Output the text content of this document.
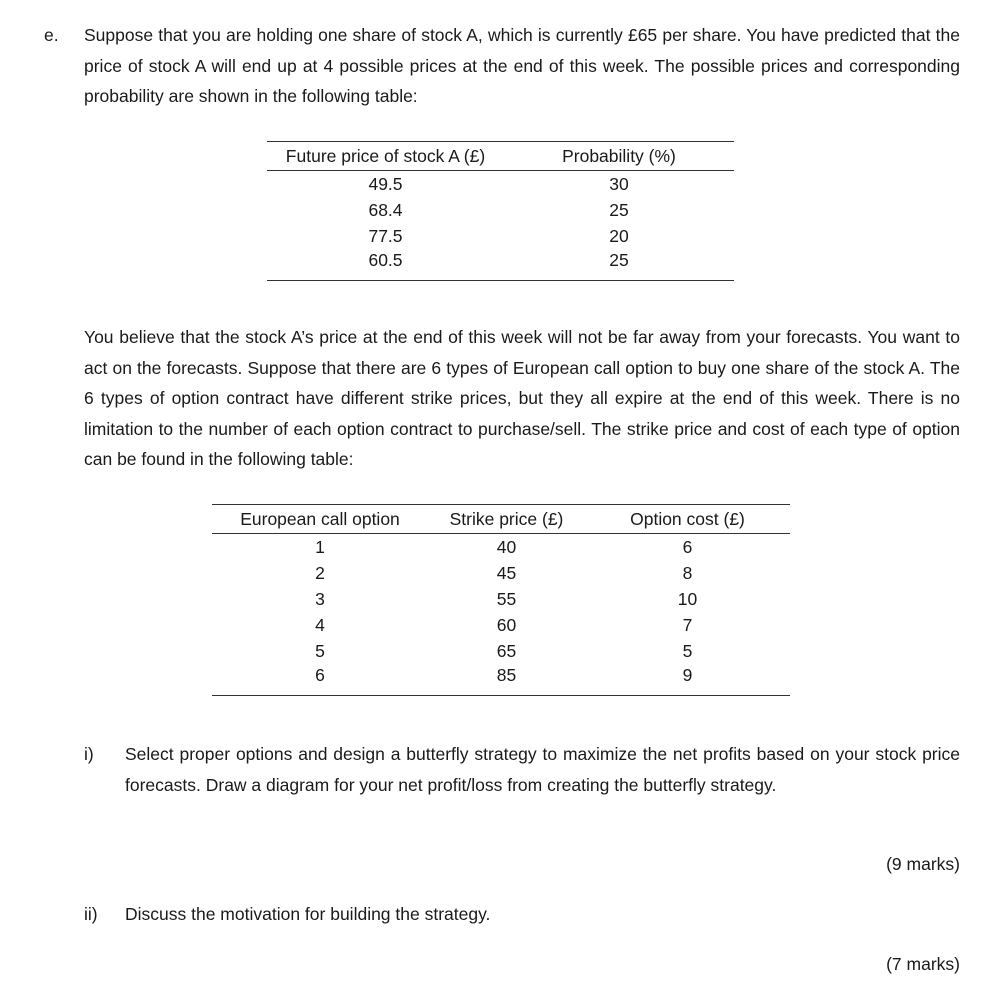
e. Suppose that you are holding one share of stock A, which is currently £65 per share. You have predicted that the price of stock A will end up at 4 possible prices at the end of this week. The possible prices and corresponding probability are shown in the following table:

Future price of stock A (£)	Probability (%)
49.5	30
68.4	25
77.5	20
60.5	25

You believe that the stock A’s price at the end of this week will not be far away from your forecasts. You want to act on the forecasts. Suppose that there are 6 types of European call option to buy one share of the stock A. The 6 types of option contract have different strike prices, but they all expire at the end of this week. There is no limitation to the number of each option contract to purchase/sell. The strike price and cost of each type of option can be found in the following table:

European call option	Strike price (£)	Option cost (£)
1	40	6
2	45	8
3	55	10
4	60	7
5	65	5
6	85	9
i) Select proper options and design a butterfly strategy to maximize the net profits based on your stock price forecasts. Draw a diagram for your net profit/loss from creating the butterfly strategy.

(9 marks)
ii) Discuss the motivation for building the strategy.

(7 marks)
